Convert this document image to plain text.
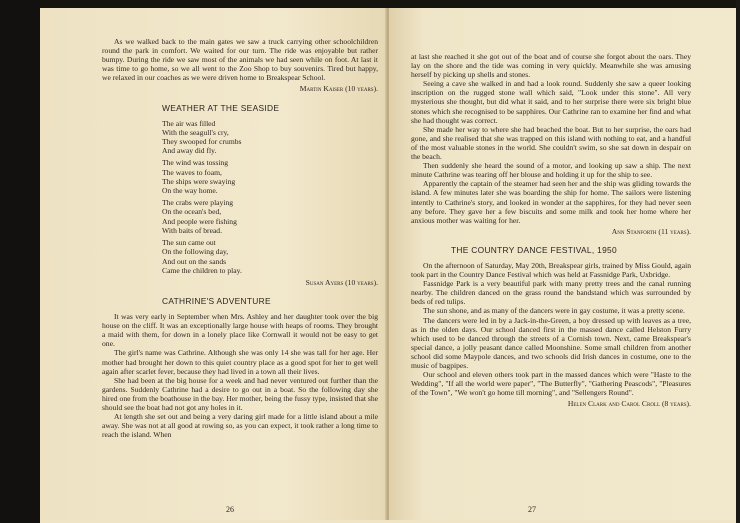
As we walked back to the main gates we saw a truck carrying other schoolchildren round the park in comfort. We waited for our turn. The ride was enjoyable but rather bumpy. During the ride we saw most of the animals we had seen while on foot. At last it was time to go home, so we all went to the Zoo Shop to buy souvenirs. Tired but happy, we relaxed in our coaches as we were driven home to Breakspear School.

Martin Kaiser (10 years).
WEATHER AT THE SEASIDE
The air was filled
With the seagull's cry,
They swooped for crumbs
And away did fly.
The wind was tossing
The waves to foam,
The ships were swaying
On the way home.
The crabs were playing
On the ocean's bed,
And people were fishing
With baits of bread.
The sun came out
On the following day,
And out on the sands
Came the children to play.
Susan Ayers (10 years).
CATHRINE'S ADVENTURE

It was very early in September when Mrs. Ashley and her daughter took over the big house on the cliff. It was an exceptionally large house with heaps of rooms. They brought a maid with them, for down in a lonely place like Cornwall it would not be easy to get one.

The girl's name was Cathrine. Although she was only 14 she was tall for her age. Her mother had brought her down to this quiet country place as a good spot for her to get well again after scarlet fever, because they had lived in a town all their lives.

She had been at the big house for a week and had never ventured out further than the gardens. Suddenly Cathrine had a desire to go out in a boat. So the following day she hired one from the boathouse in the bay. Her mother, being the fussy type, insisted that she should see the boat had not got any holes in it.

At length she set out and being a very daring girl made for a little island about a mile away. She was not at all good at rowing so, as you can expect, it took rather a long time to reach the island. When

26

at last she reached it she got out of the boat and of course she forgot about the oars. They lay on the shore and the tide was coming in very quickly. Meanwhile she was amusing herself by picking up shells and stones.

Seeing a cave she walked in and had a look round. Suddenly she saw a queer looking inscription on the rugged stone wall which said, "Look under this stone". All very mysterious she thought, but did what it said, and to her surprise there were six bright blue stones which she recognised to be sapphires. Our Cathrine ran to examine her find and what she had thought was correct.

She made her way to where she had beached the boat. But to her surprise, the oars had gone, and she realised that she was trapped on this island with nothing to eat, and a handful of the most valuable stones in the world. She couldn't swim, so she sat down in despair on the beach.

Then suddenly she heard the sound of a motor, and looking up saw a ship. The next minute Cathrine was tearing off her blouse and holding it up for the ship to see.

Apparently the captain of the steamer had seen her and the ship was gliding towards the island. A few minutes later she was boarding the ship for home. The sailors were listening intently to Cathrine's story, and looked in wonder at the sapphires, for they had never seen any before. They gave her a few biscuits and some milk and took her home where her anxious mother was waiting for her.

Ann Stanforth (11 years).
THE COUNTRY DANCE FESTIVAL, 1950

On the afternoon of Saturday, May 20th, Breakspear girls, trained by Miss Gould, again took part in the Country Dance Festival which was held at Fassnidge Park, Uxbridge.

Fassnidge Park is a very beautiful park with many pretty trees and the canal running nearby. The children danced on the grass round the bandstand which was surrounded by beds of red tulips.

The sun shone, and as many of the dancers were in gay costume, it was a pretty scene.

The dancers were led in by a Jack-in-the-Green, a boy dressed up with leaves as a tree, as in the olden days. Our school danced first in the massed dance called Helston Furry which used to be danced through the streets of a Cornish town. Next, came Breakspear's special dance, a jolly peasant dance called Moonshine. Some small children from another school did some Maypole dances, and two schools did Irish dances in costume, one to the music of bagpipes.

Our school and eleven others took part in the massed dances which were "Haste to the Wedding", "If all the world were paper", "The Butterfly", "Gathering Peascods", "Pleasures of the Town", "We won't go home till morning", and "Sellengers Round".

Helen Clark and Carol Croll (8 years).
27
